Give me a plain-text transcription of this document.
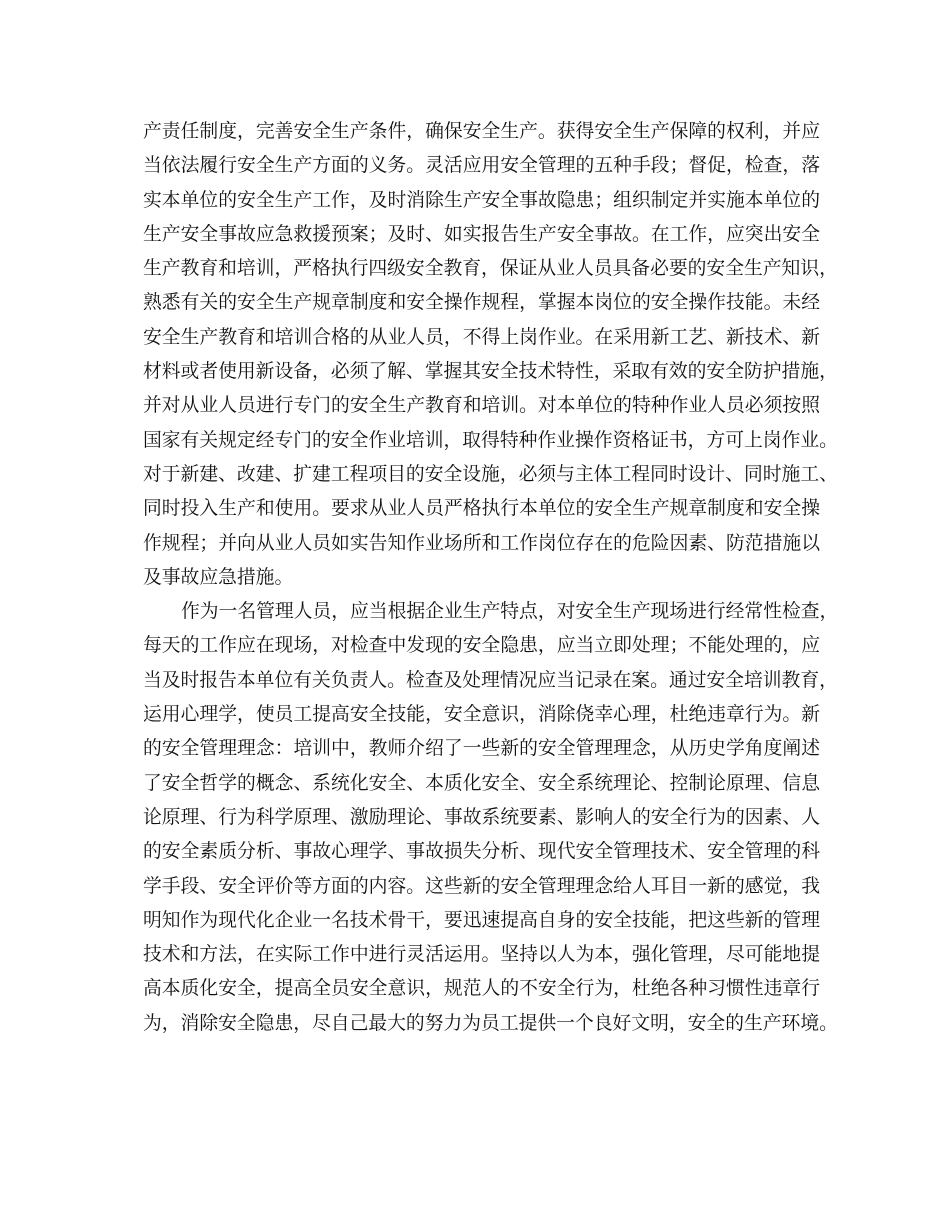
产责任制度，完善安全生产条件，确保安全生产。获得安全生产保障的权利，并应
当依法履行安全生产方面的义务。灵活应用安全管理的五种手段；督促，检查，落
实本单位的安全生产工作，及时消除生产安全事故隐患；组织制定并实施本单位的
生产安全事故应急救援预案；及时、如实报告生产安全事故。在工作，应突出安全
生产教育和培训，严格执行四级安全教育，保证从业人员具备必要的安全生产知识，
熟悉有关的安全生产规章制度和安全操作规程，掌握本岗位的安全操作技能。未经
安全生产教育和培训合格的从业人员，不得上岗作业。在采用新工艺、新技术、新
材料或者使用新设备，必须了解、掌握其安全技术特性，采取有效的安全防护措施，
并对从业人员进行专门的安全生产教育和培训。对本单位的特种作业人员必须按照
国家有关规定经专门的安全作业培训，取得特种作业操作资格证书，方可上岗作业。
对于新建、改建、扩建工程项目的安全设施，必须与主体工程同时设计、同时施工、
同时投入生产和使用。要求从业人员严格执行本单位的安全生产规章制度和安全操
作规程；并向从业人员如实告知作业场所和工作岗位存在的危险因素、防范措施以
及事故应急措施。
作为一名管理人员，应当根据企业生产特点，对安全生产现场进行经常性检查，
每天的工作应在现场，对检查中发现的安全隐患，应当立即处理；不能处理的，应
当及时报告本单位有关负责人。检查及处理情况应当记录在案。通过安全培训教育，
运用心理学，使员工提高安全技能，安全意识，消除侥幸心理，杜绝违章行为。新
的安全管理理念：培训中，教师介绍了一些新的安全管理理念，从历史学角度阐述
了安全哲学的概念、系统化安全、本质化安全、安全系统理论、控制论原理、信息
论原理、行为科学原理、激励理论、事故系统要素、影响人的安全行为的因素、人
的安全素质分析、事故心理学、事故损失分析、现代安全管理技术、安全管理的科
学手段、安全评价等方面的内容。这些新的安全管理理念给人耳目一新的感觉，我
明知作为现代化企业一名技术骨干，要迅速提高自身的安全技能，把这些新的管理
技术和方法，在实际工作中进行灵活运用。坚持以人为本，强化管理，尽可能地提
高本质化安全，提高全员安全意识，规范人的不安全行为，杜绝各种习惯性违章行
为，消除安全隐患，尽自己最大的努力为员工提供一个良好文明，安全的生产环境。
